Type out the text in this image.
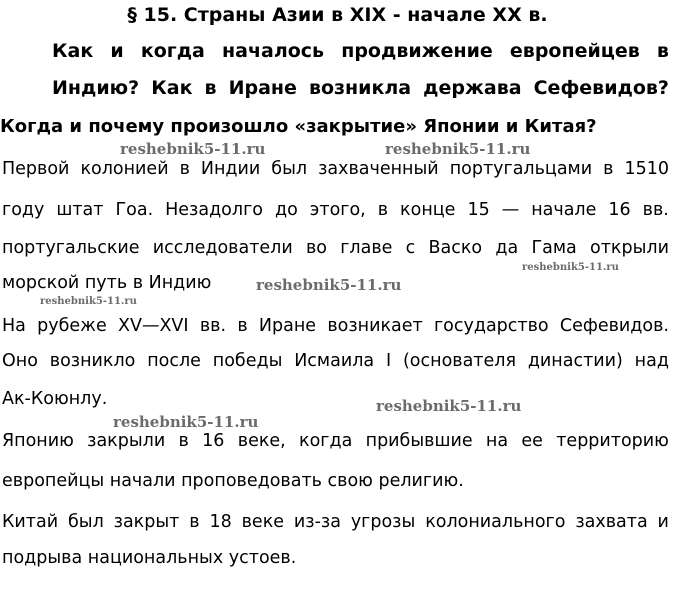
§ 15. Страны Азии в XIX - начале XX в.
Как и когда началось продвижение европейцев в
Индию? Как в Иране возникла держава Сефевидов?
Когда и почему произошло «закрытие» Японии и Китая?
Первой колонией в Индии был захваченный португальцами в 1510
году штат Гоа. Незадолго до этого, в конце 15 — начале 16 вв.
португальские исследователи во главе с Васко да Гама открыли
морской путь в Индию
На рубеже XV—XVI вв. в Иране возникает государство Сефевидов.
Оно возникло после победы Исмаила I (основателя династии) над
Ак-Коюнлу.
Японию закрыли в 16 веке, когда прибывшие на ее территорию
европейцы начали проповедовать свою религию.
Китай был закрыт в 18 веке из-за угрозы колониального захвата и
подрыва национальных устоев.
reshebnik5-11.ru	reshebnik5-11.ru
reshebnik5-11.ru
reshebnik5-11.ru
reshebnik5-11.ru
reshebnik5-11.ru
reshebnik5-11.ru
